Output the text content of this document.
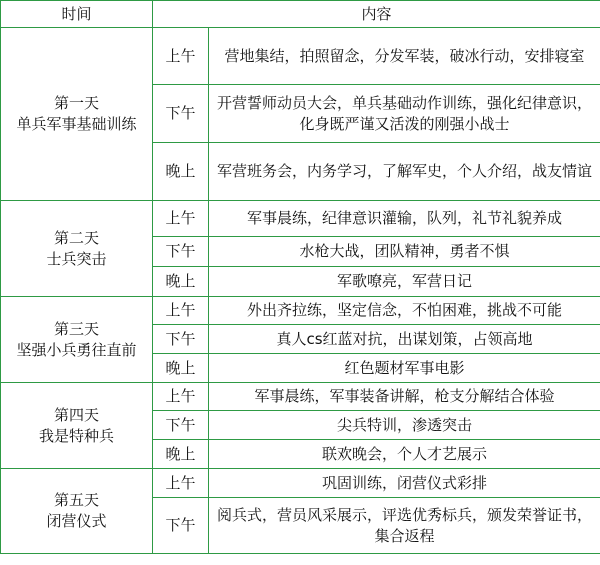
时间	内容	

第一天
单兵军事基础训练	上午	营地集结，拍照留念，分发军装，破冰行动，安排寝室
	下午	开营誓师动员大会，单兵基础动作训练，强化纪律意识，化身既严谨又活泼的刚强小战士
	晚上	军营班务会，内务学习，了解军史，个人介绍，战友情谊

第二天
士兵突击	上午	军事晨练，纪律意识灌输，队列，礼节礼貌养成
	下午	水枪大战，团队精神，勇者不惧
	晚上	军歌嘹亮，军营日记

第三天
坚强小兵勇往直前	上午	外出齐拉练，坚定信念，不怕困难，挑战不可能
	下午	真人cs红蓝对抗，出谋划策，占领高地
	晚上	红色题材军事电影

第四天
我是特种兵	上午	军事晨练，军事装备讲解，枪支分解结合体验
	下午	尖兵特训，渗透突击
	晚上	联欢晚会，个人才艺展示

第五天
闭营仪式	上午	巩固训练，闭营仪式彩排
	下午	阅兵式，营员风采展示，评选优秀标兵，颁发荣誉证书，集合返程
